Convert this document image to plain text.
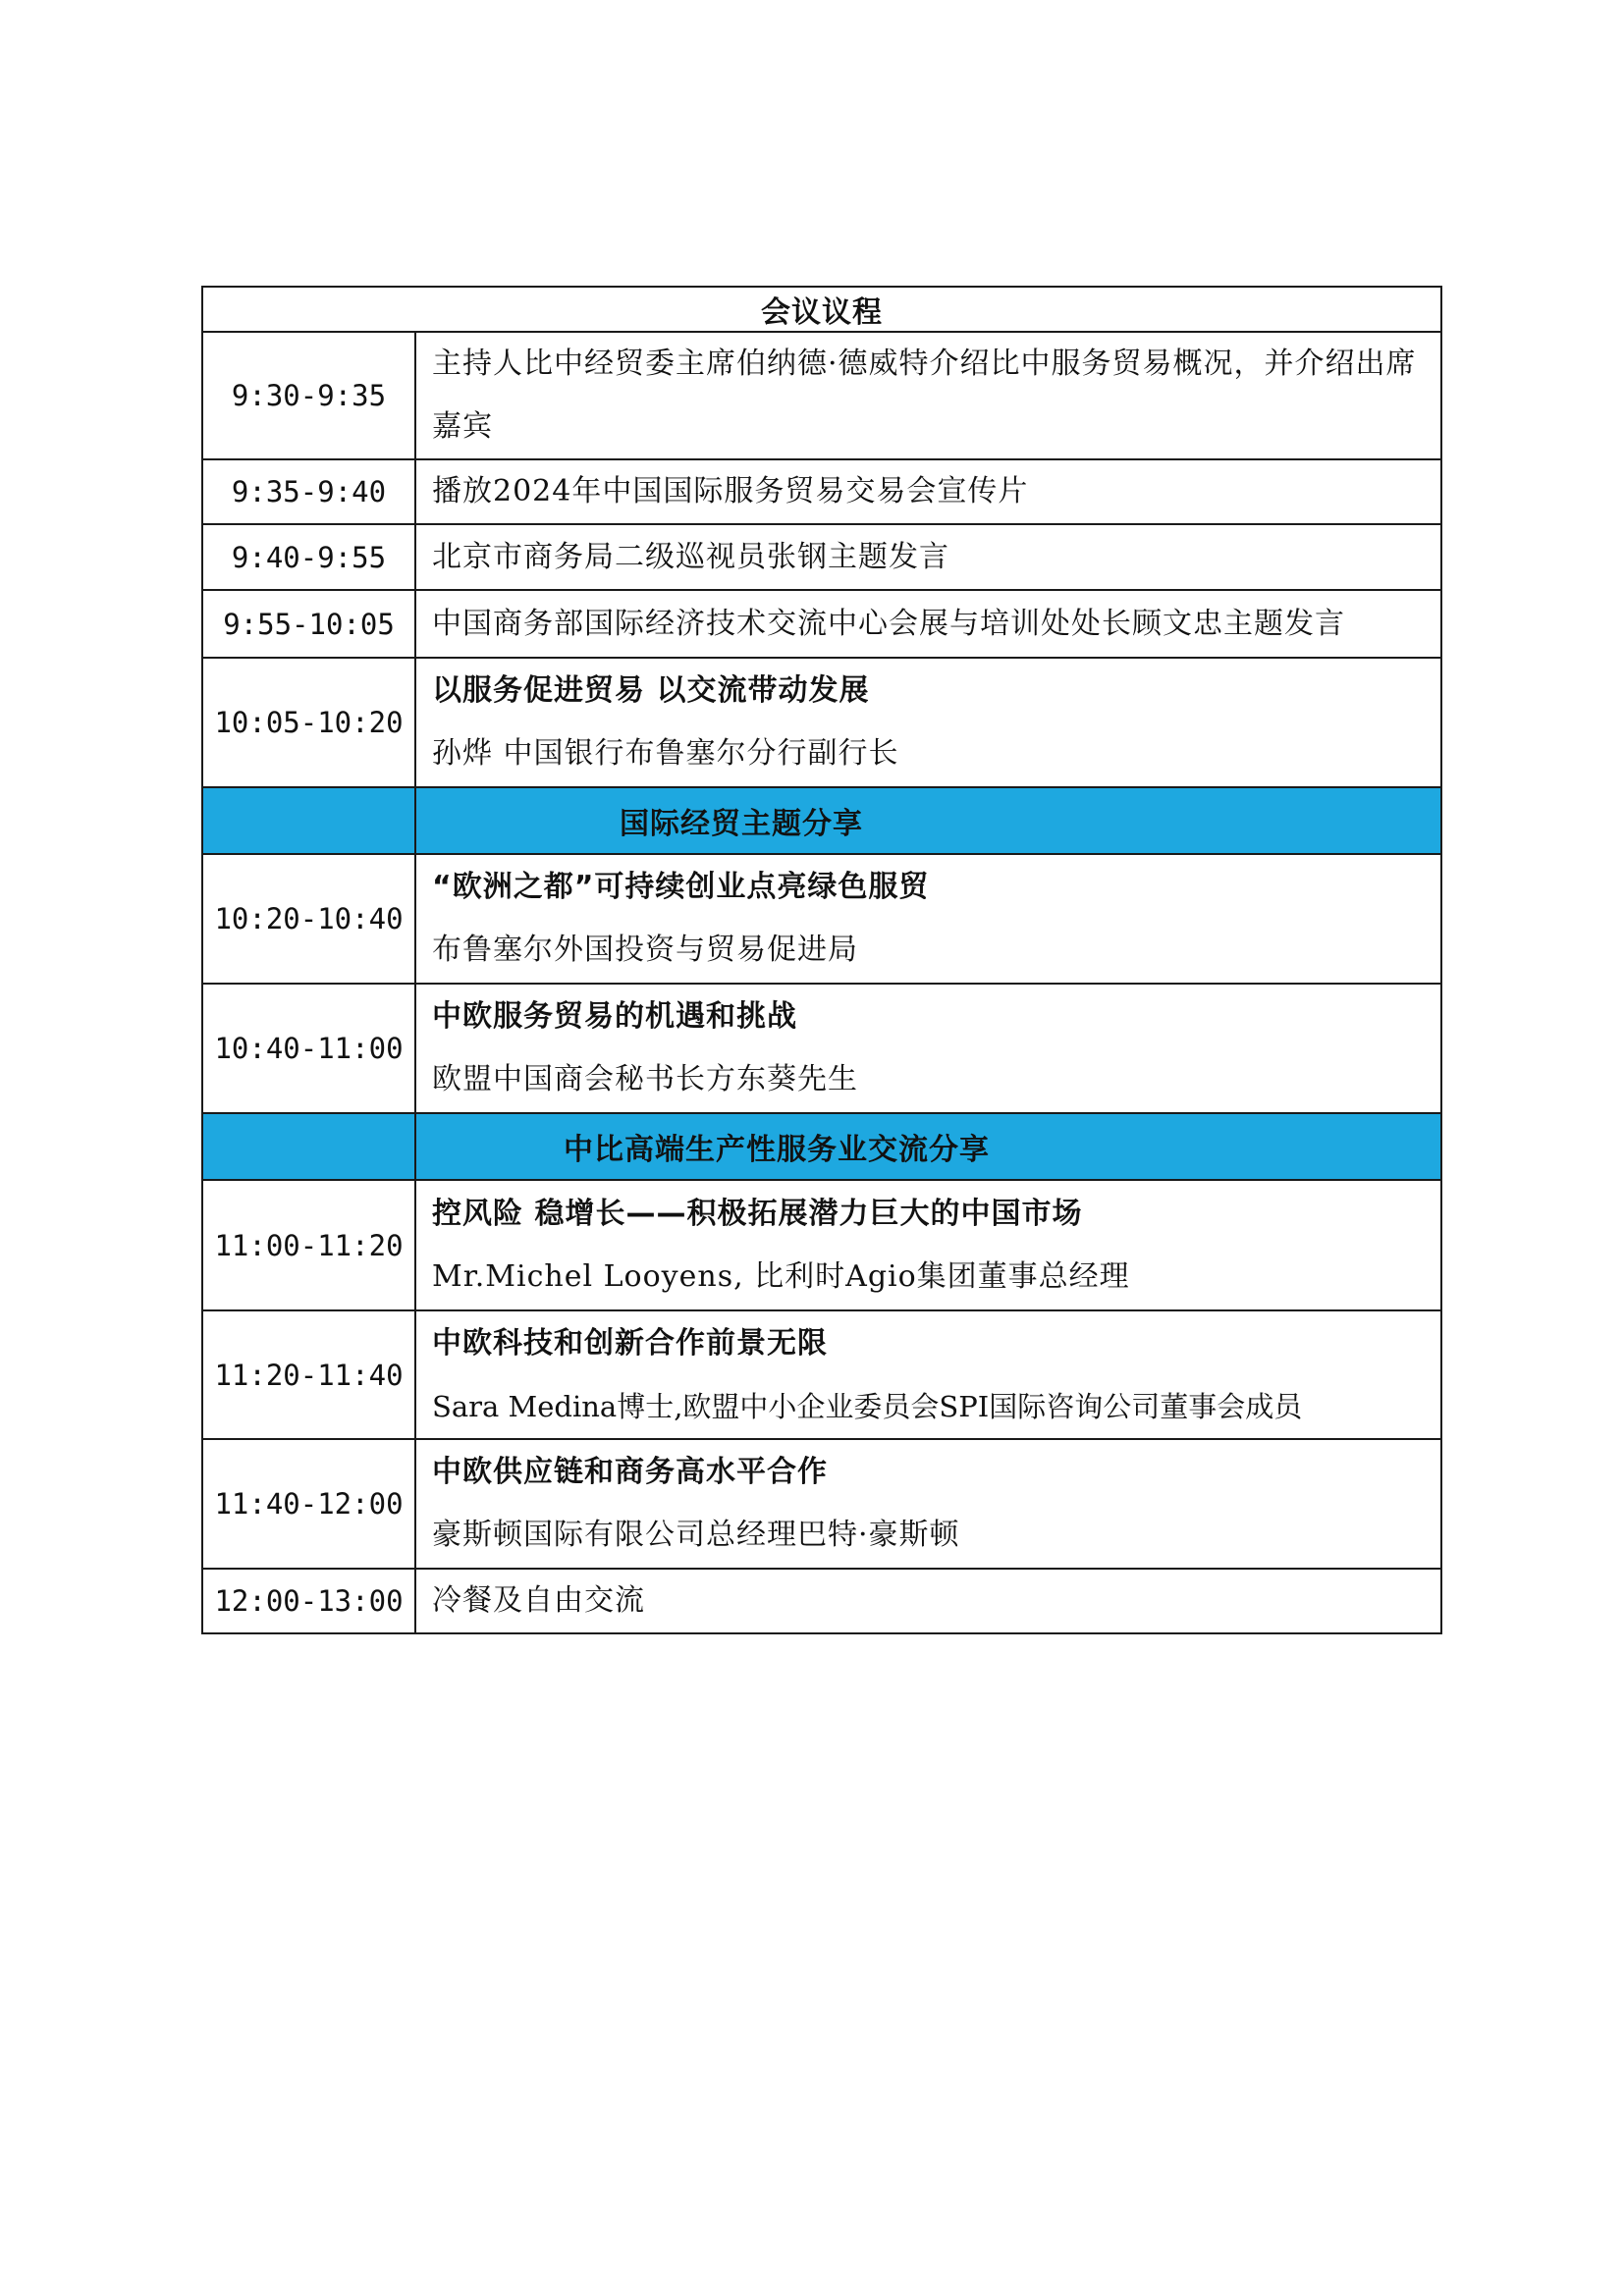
会议议程	
9:30-9:35	主持人比中经贸委主席伯纳德·德威特介绍比中服务贸易概况，并介绍出席嘉宾

9:35-9:40	播放2024年中国国际服务贸易交易会宣传片

9:40-9:55	北京市商务局二级巡视员张钢主题发言

9:55-10:05	中国商务部国际经济技术交流中心会展与培训处处长顾文忠主题发言

10:05-10:20	以服务促进贸易 以交流带动发展
孙烨 中国银行布鲁塞尔分行副行长

	国际经贸主题分享
10:20-10:40	“欧洲之都”可持续创业点亮绿色服贸
布鲁塞尔外国投资与贸易促进局

10:40-11:00	中欧服务贸易的机遇和挑战
欧盟中国商会秘书长方东葵先生

	中比高端生产性服务业交流分享
11:00-11:20	控风险 稳增长——积极拓展潜力巨大的中国市场
Mr.Michel Looyens, 比利时Agio集团董事总经理

11:20-11:40	中欧科技和创新合作前景无限
Sara Medina博士,欧盟中小企业委员会SPI国际咨询公司董事会成员

11:40-12:00	中欧供应链和商务高水平合作
豪斯顿国际有限公司总经理巴特·豪斯顿

12:00-13:00	冷餐及自由交流
